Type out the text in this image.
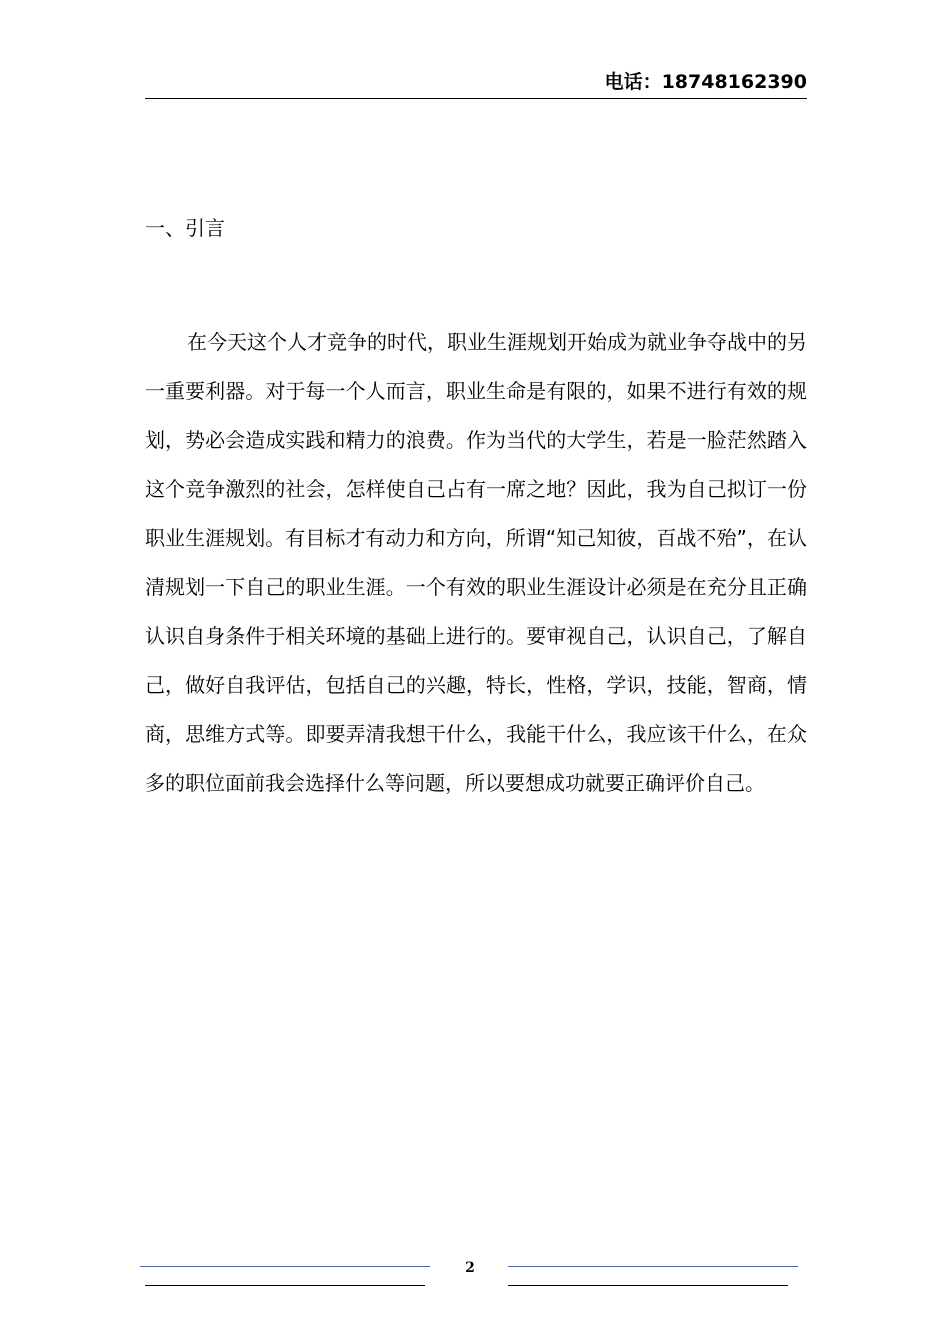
电话：18748162390
一、引言

在今天这个人才竞争的时代，职业生涯规划开始成为就业争夺战中的另一重要利器。对于每一个人而言，职业生命是有限的，如果不进行有效的规划，势必会造成实践和精力的浪费。作为当代的大学生，若是一脸茫然踏入这个竞争激烈的社会，怎样使自己占有一席之地？因此，我为自己拟订一份职业生涯规划。有目标才有动力和方向，所谓“知己知彼，百战不殆”，在认清规划一下自己的职业生涯。一个有效的职业生涯设计必须是在充分且正确认识自身条件于相关环境的基础上进行的。要审视自己，认识自己，了解自己，做好自我评估，包括自己的兴趣，特长，性格，学识，技能，智商，情商，思维方式等。即要弄清我想干什么，我能干什么，我应该干什么，在众多的职位面前我会选择什么等问题，所以要想成功就要正确评价自己。

2
